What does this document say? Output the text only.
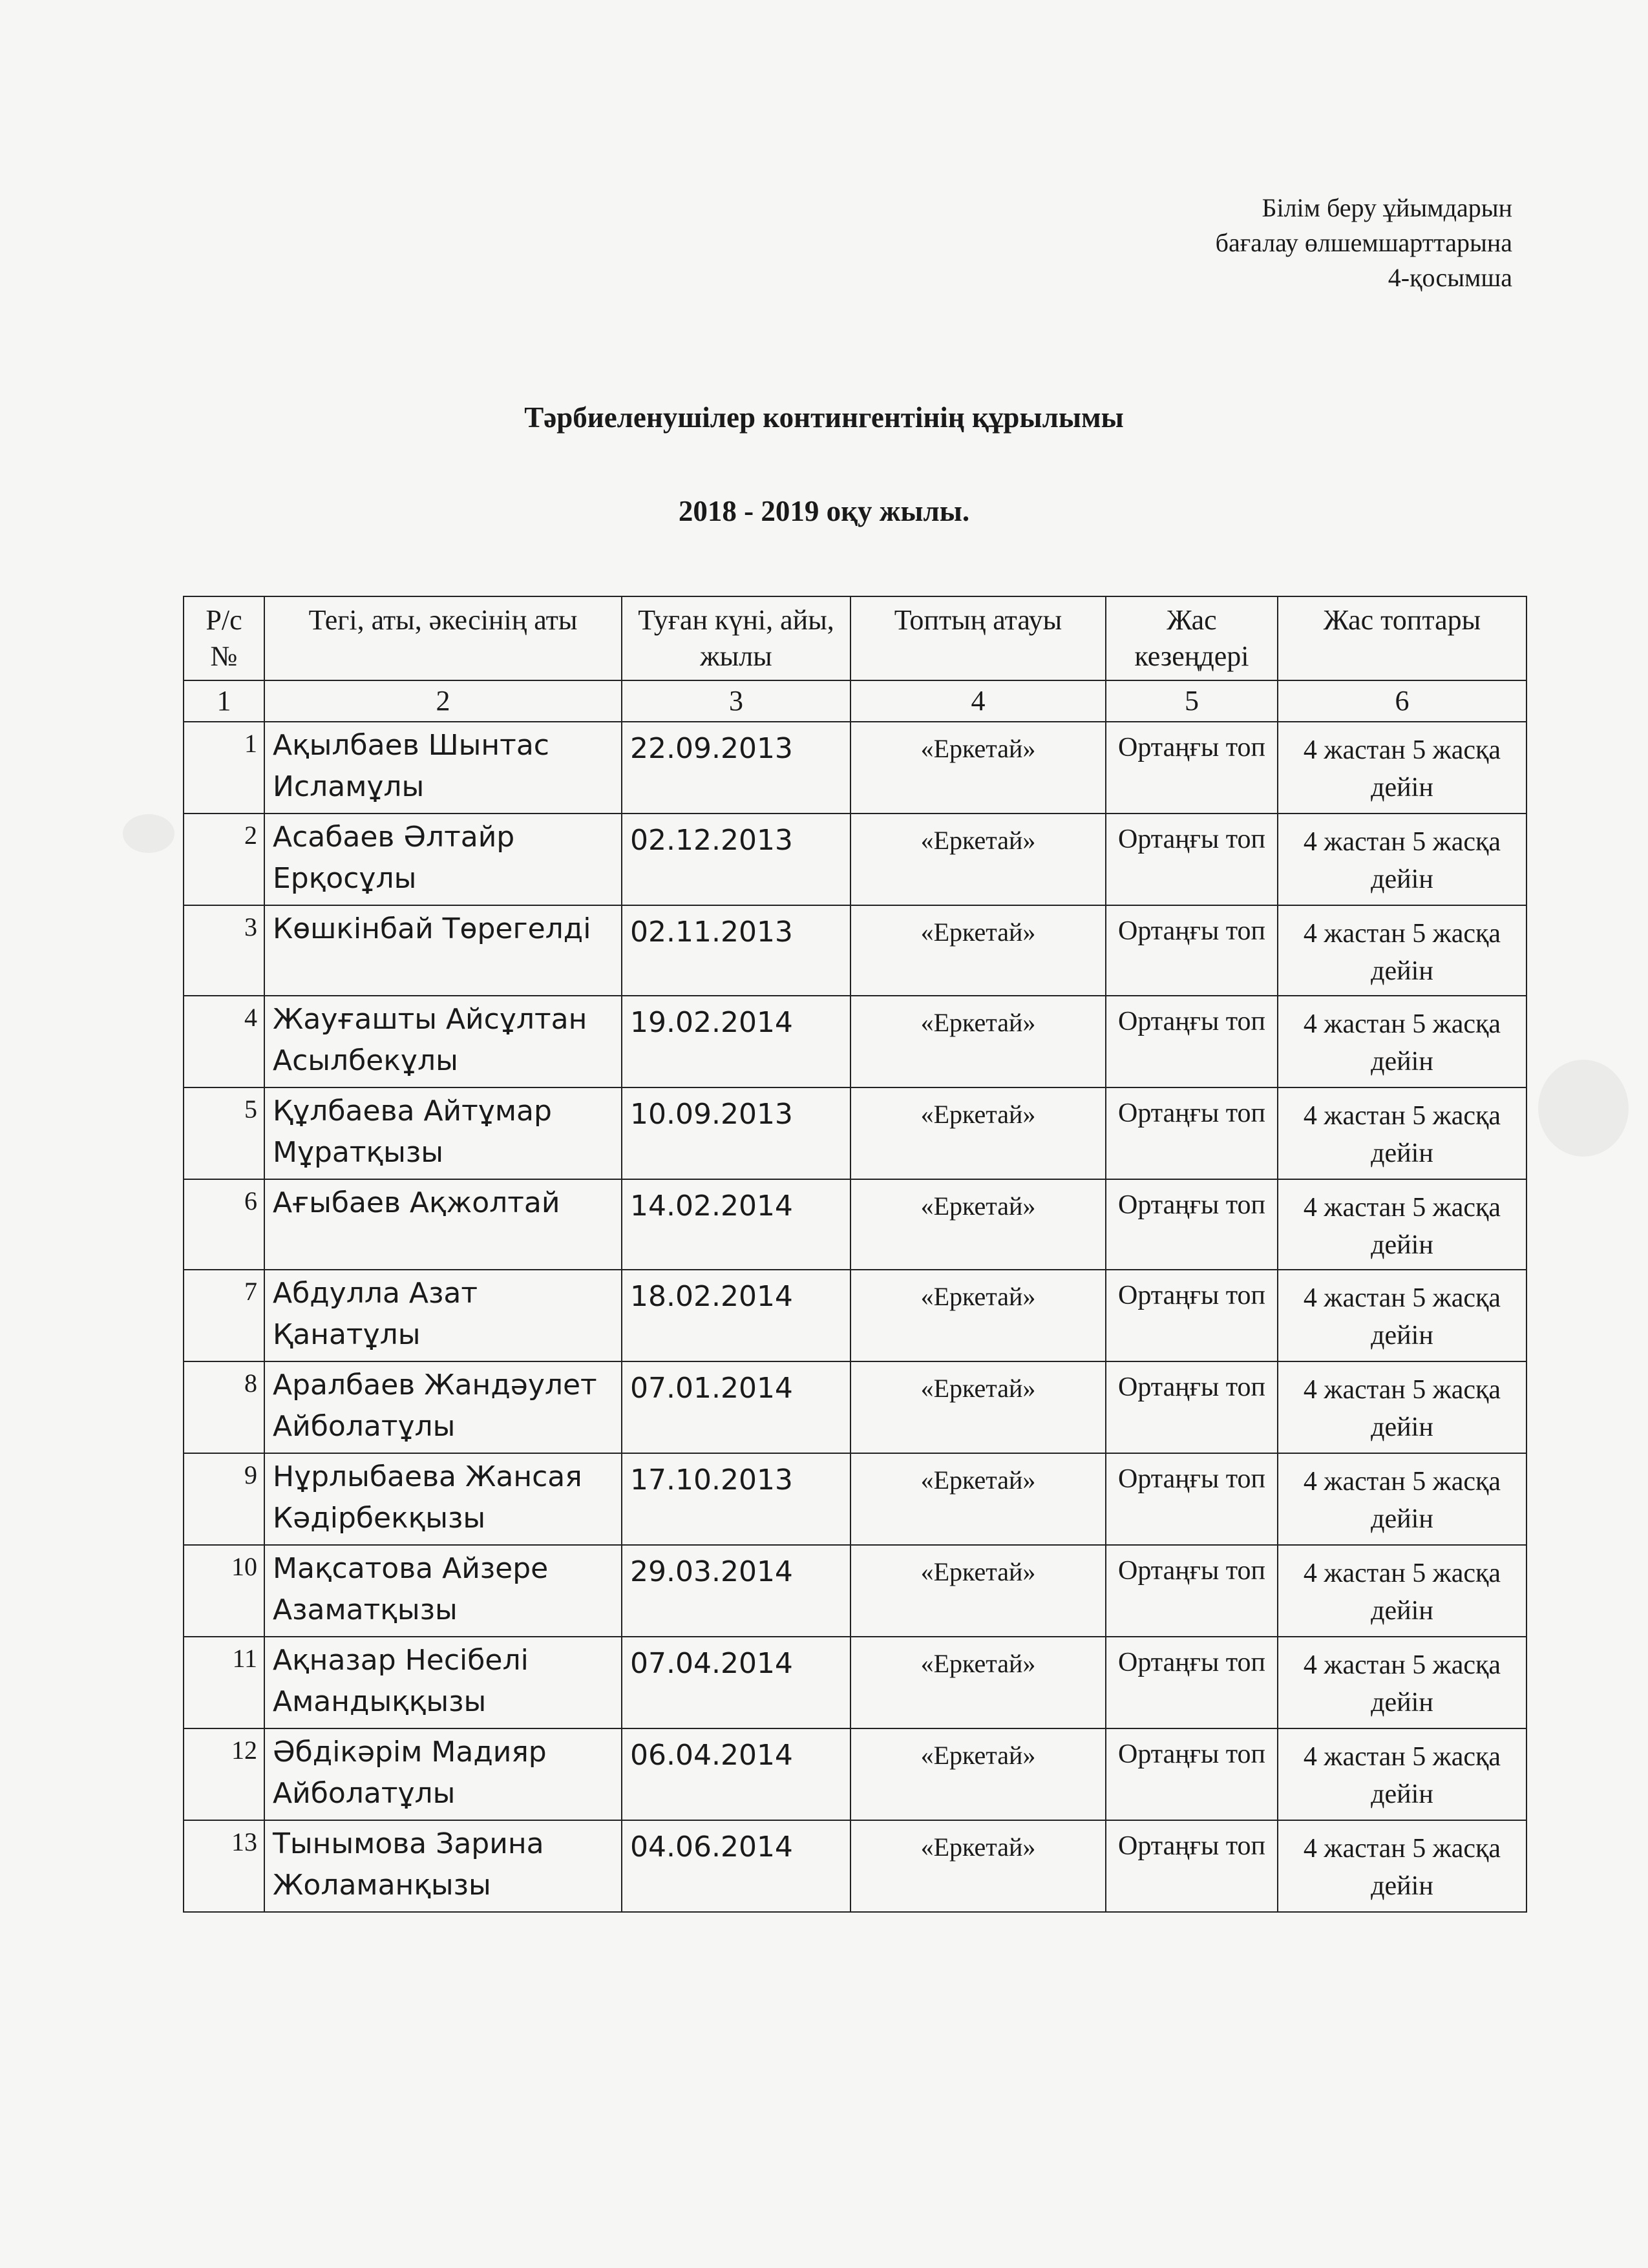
Білім беру ұйымдарын
бағалау өлшемшарттарына
4-қосымша
Тәрбиеленушілер контингентінің құрылымы
2018 - 2019 оқу жылы.
Р/с №	Тегі, аты, әкесінің аты	Туған күні, айы, жылы	Топтың атауы	Жас кезеңдері	Жас топтары
1	2	3	4	5	6
1	Ақылбаев Шынтас Исламұлы	22.09.2013	«Еркетай»	Ортаңғы топ	4 жастан 5 жасқа дейін
2	Асабаев Әлтайр Ерқосұлы	02.12.2013	«Еркетай»	Ортаңғы топ	4 жастан 5 жасқа дейін
3	Көшкінбай Төрегелді	02.11.2013	«Еркетай»	Ортаңғы топ	4 жастан 5 жасқа дейін
4	Жауғашты Айсұлтан Асылбекұлы	19.02.2014	«Еркетай»	Ортаңғы топ	4 жастан 5 жасқа дейін
5	Құлбаева Айтұмар Мұратқызы	10.09.2013	«Еркетай»	Ортаңғы топ	4 жастан 5 жасқа дейін
6	Ағыбаев Ақжолтай	14.02.2014	«Еркетай»	Ортаңғы топ	4 жастан 5 жасқа дейін
7	Абдулла Азат Қанатұлы	18.02.2014	«Еркетай»	Ортаңғы топ	4 жастан 5 жасқа дейін
8	Аралбаев Жандәулет Айболатұлы	07.01.2014	«Еркетай»	Ортаңғы топ	4 жастан 5 жасқа дейін
9	Нұрлыбаева Жансая Кәдірбекқызы	17.10.2013	«Еркетай»	Ортаңғы топ	4 жастан 5 жасқа дейін
10	Мақсатова Айзере Азаматқызы	29.03.2014	«Еркетай»	Ортаңғы топ	4 жастан 5 жасқа дейін
11	Ақназар Несібелі Амандыққызы	07.04.2014	«Еркетай»	Ортаңғы топ	4 жастан 5 жасқа дейін
12	Әбдікәрім Мадияр Айболатұлы	06.04.2014	«Еркетай»	Ортаңғы топ	4 жастан 5 жасқа дейін
13	Тынымова Зарина Жоламанқызы	04.06.2014	«Еркетай»	Ортаңғы топ	4 жастан 5 жасқа дейін
